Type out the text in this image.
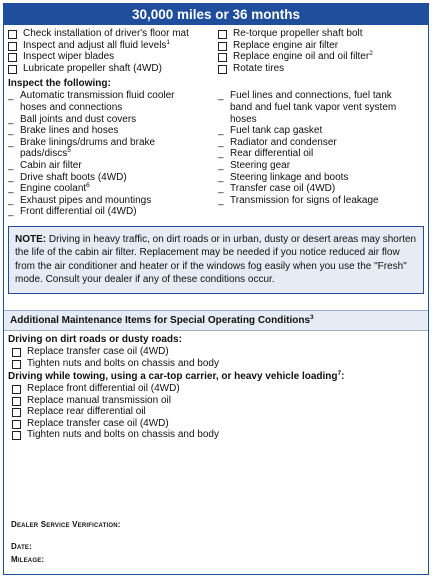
30,000 miles or 36 months
Check installation of driver's floor mat
Inspect and adjust all fluid levels$^1$
Inspect wiper blades
Lubricate propeller shaft (4WD)
Re-torque propeller shaft bolt
Replace engine air filter
Replace engine oil and oil filter$^2$
Rotate tires
Inspect the following:
_ Automatic transmission fluid cooler hoses and connections
_ Ball joints and dust covers
_ Brake lines and hoses
_ Brake linings/drums and brake pads/discs$^5$
_ Cabin air filter
_ Drive shaft boots (4WD)
_ Engine coolant$^6$
_ Exhaust pipes and mountings
_ Front differential oil (4WD)
_ Fuel lines and connections, fuel tank band and fuel tank vapor vent system hoses
_ Fuel tank cap gasket
_ Radiator and condenser
_ Rear differential oil
_ Steering gear
_ Steering linkage and boots
_ Transfer case oil (4WD)
_ Transmission for signs of leakage
NOTE: Driving in heavy traffic, on dirt roads or in urban, dusty or desert areas may shorten the life of the cabin air filter. Replacement may be needed if you notice reduced air flow from the air conditioner and heater or if the windows fog easily when you use the "Fresh" mode. Consult your dealer if any of these conditions occur.
Additional Maintenance Items for Special Operating Conditions$^3$
Driving on dirt roads or dusty roads:
Replace transfer case oil (4WD)
Tighten nuts and bolts on chassis and body
Driving while towing, using a car-top carrier, or heavy vehicle loading$^7$:
Replace front differential oil (4WD)
Replace manual transmission oil
Replace rear differential oil
Replace transfer case oil (4WD)
Tighten nuts and bolts on chassis and body
Dealer Service Verification:
Date:
Mileage:
